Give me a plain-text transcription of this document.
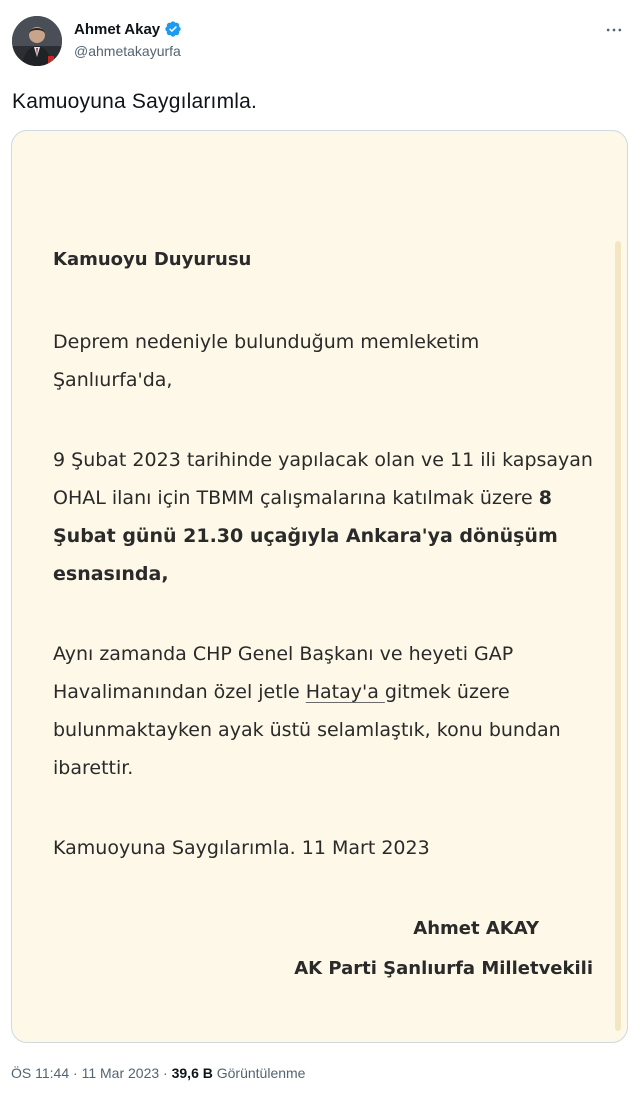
Ahmet Akay
@ahmetakayurfa
Kamuoyuna Saygılarımla.
Kamuoyu Duyurusu
Deprem nedeniyle bulunduğum memleketim Şanlıurfa'da,
9 Şubat 2023 tarihinde yapılacak olan ve 11 ili kapsayan OHAL ilanı için TBMM çalışmalarına katılmak üzere 8 Şubat günü 21.30 uçağıyla Ankara'ya dönüşüm esnasında,
Aynı zamanda CHP Genel Başkanı ve heyeti GAP Havalimanından özel jetle Hatay'a gitmek üzere bulunmaktayken ayak üstü selamlaştık, konu bundan ibarettir.
Kamuoyuna Saygılarımla. 11 Mart 2023
Ahmet AKAY
AK Parti Şanlıurfa Milletvekili
ÖS 11:44 · 11 Mar 2023 · 39,6 B Görüntülenme
